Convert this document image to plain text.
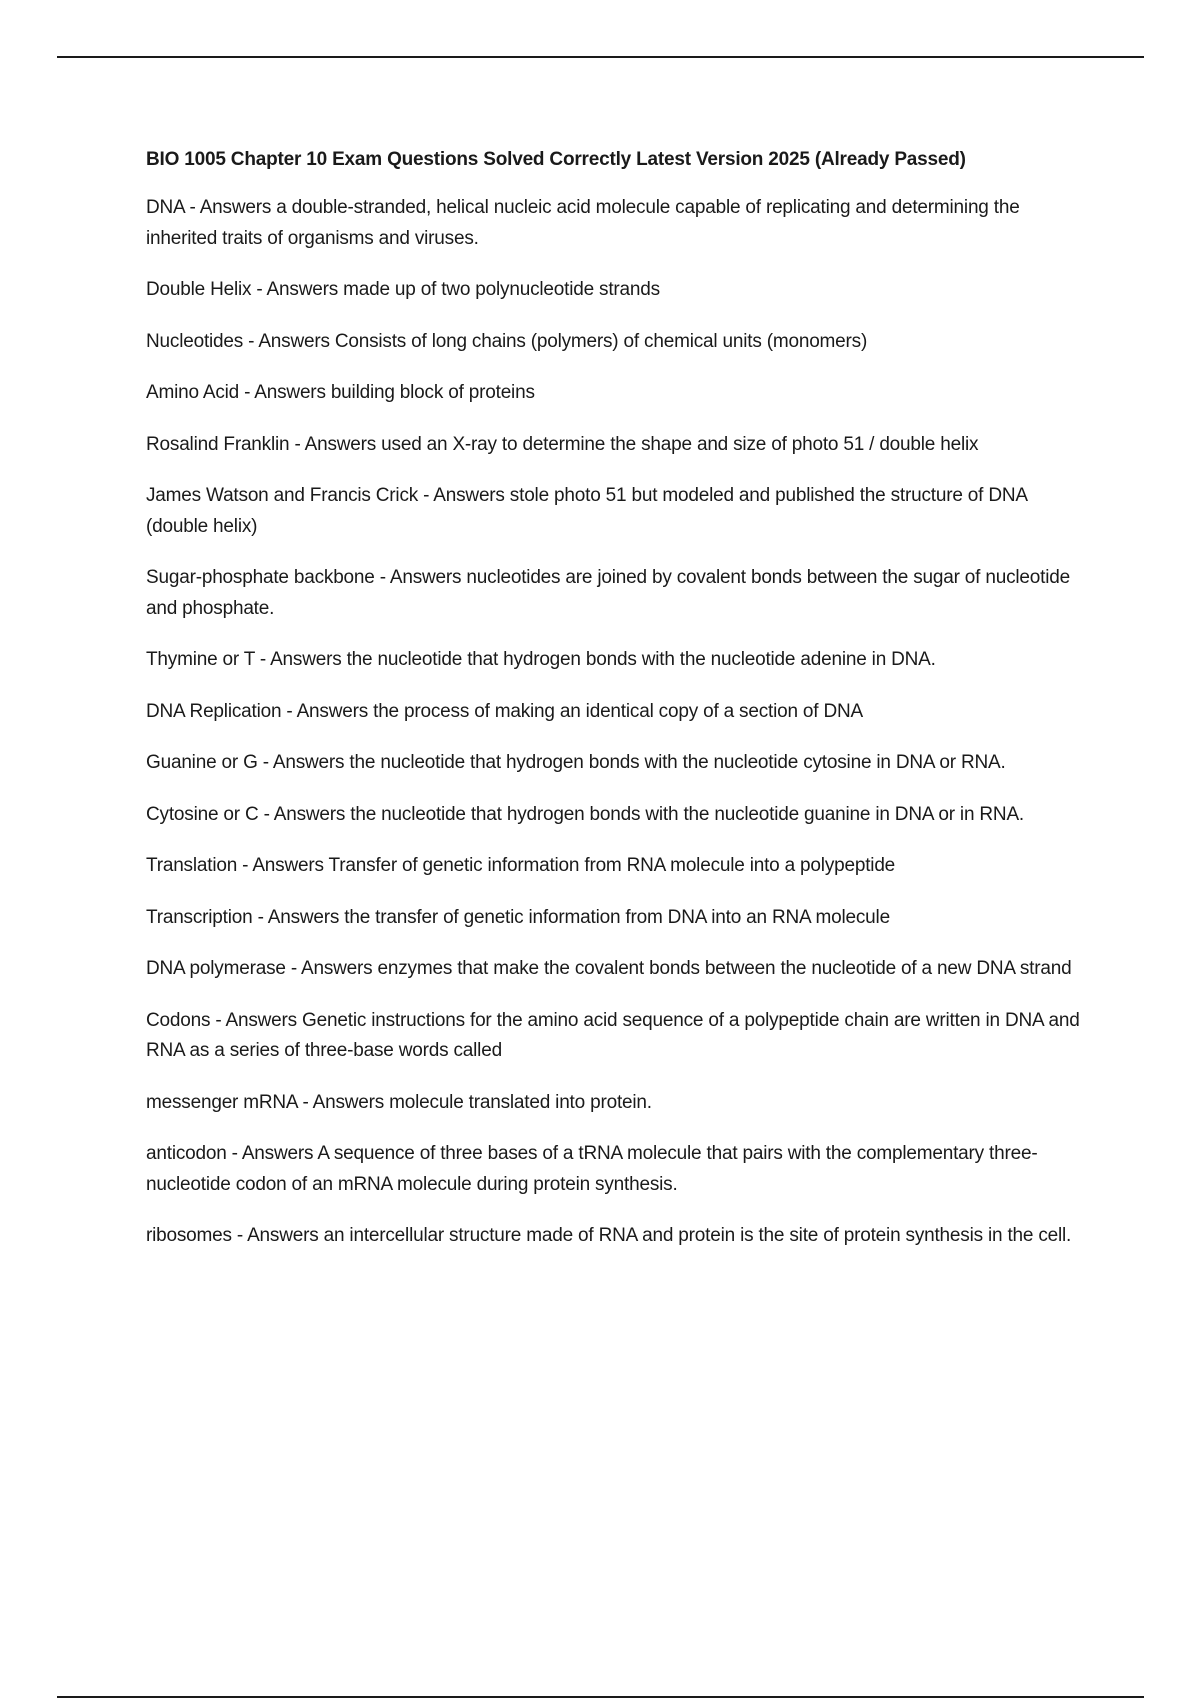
BIO 1005 Chapter 10 Exam Questions Solved Correctly Latest Version 2025 (Already Passed)
DNA - Answers a double-stranded, helical nucleic acid molecule capable of replicating and determining the inherited traits of organisms and viruses.
Double Helix - Answers made up of two polynucleotide strands
Nucleotides - Answers Consists of long chains (polymers) of chemical units (monomers)
Amino Acid - Answers building block of proteins
Rosalind Franklin - Answers used an X-ray to determine the shape and size of photo 51 / double helix
James Watson and Francis Crick - Answers stole photo 51 but modeled and published the structure of DNA (double helix)
Sugar-phosphate backbone - Answers nucleotides are joined by covalent bonds between the sugar of nucleotide and phosphate.
Thymine or T - Answers the nucleotide that hydrogen bonds with the nucleotide adenine in DNA.
DNA Replication - Answers the process of making an identical copy of a section of DNA
Guanine or G - Answers the nucleotide that hydrogen bonds with the nucleotide cytosine in DNA or RNA.
Cytosine or C - Answers the nucleotide that hydrogen bonds with the nucleotide guanine in DNA or in RNA.
Translation - Answers Transfer of genetic information from RNA molecule into a polypeptide
Transcription - Answers the transfer of genetic information from DNA into an RNA molecule
DNA polymerase - Answers enzymes that make the covalent bonds between the nucleotide of a new DNA strand
Codons - Answers Genetic instructions for the amino acid sequence of a polypeptide chain are written in DNA and RNA as a series of three-base words called
messenger mRNA - Answers molecule translated into protein.
anticodon - Answers A sequence of three bases of a tRNA molecule that pairs with the complementary three-nucleotide codon of an mRNA molecule during protein synthesis.
ribosomes - Answers an intercellular structure made of RNA and protein is the site of protein synthesis in the cell.
